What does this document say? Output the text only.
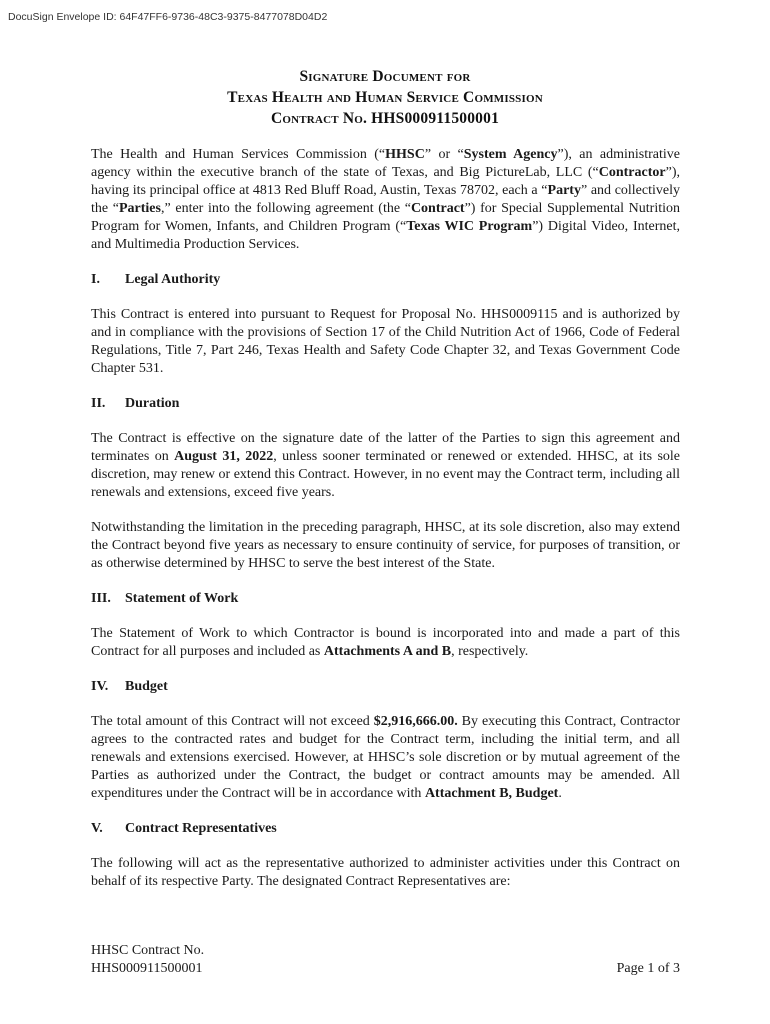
DocuSign Envelope ID: 64F47FF6-9736-48C3-9375-8477078D04D2
Signature Document for
Texas Health and Human Service Commission
Contract No. HHS000911500001

The Health and Human Services Commission (“HHSC” or “System Agency”), an administrative agency within the executive branch of the state of Texas, and Big PictureLab, LLC (“Contractor”), having its principal office at 4813 Red Bluff Road, Austin, Texas 78702, each a “Party” and collectively the “Parties,” enter into the following agreement (the “Contract”) for Special Supplemental Nutrition Program for Women, Infants, and Children Program (“Texas WIC Program”) Digital Video, Internet, and Multimedia Production Services.

I.	Legal Authority

This Contract is entered into pursuant to Request for Proposal No. HHS0009115 and is authorized by and in compliance with the provisions of Section 17 of the Child Nutrition Act of 1966, Code of Federal Regulations, Title 7, Part 246, Texas Health and Safety Code Chapter 32, and Texas Government Code Chapter 531.

II.	Duration

The Contract is effective on the signature date of the latter of the Parties to sign this agreement and terminates on August 31, 2022, unless sooner terminated or renewed or extended. HHSC, at its sole discretion, may renew or extend this Contract. However, in no event may the Contract term, including all renewals and extensions, exceed five years.

Notwithstanding the limitation in the preceding paragraph, HHSC, at its sole discretion, also may extend the Contract beyond five years as necessary to ensure continuity of service, for purposes of transition, or as otherwise determined by HHSC to serve the best interest of the State.

III.	Statement of Work

The Statement of Work to which Contractor is bound is incorporated into and made a part of this Contract for all purposes and included as Attachments A and B, respectively.

IV.	Budget

The total amount of this Contract will not exceed $2,916,666.00. By executing this Contract, Contractor agrees to the contracted rates and budget for the Contract term, including the initial term, and all renewals and extensions exercised. However, at HHSC’s sole discretion or by mutual agreement of the Parties as authorized under the Contract, the budget or contract amounts may be amended. All expenditures under the Contract will be in accordance with Attachment B, Budget.

V.	Contract Representatives

The following will act as the representative authorized to administer activities under this Contract on behalf of its respective Party. The designated Contract Representatives are:

HHSC Contract No.
HHS000911500001	Page 1 of 3
